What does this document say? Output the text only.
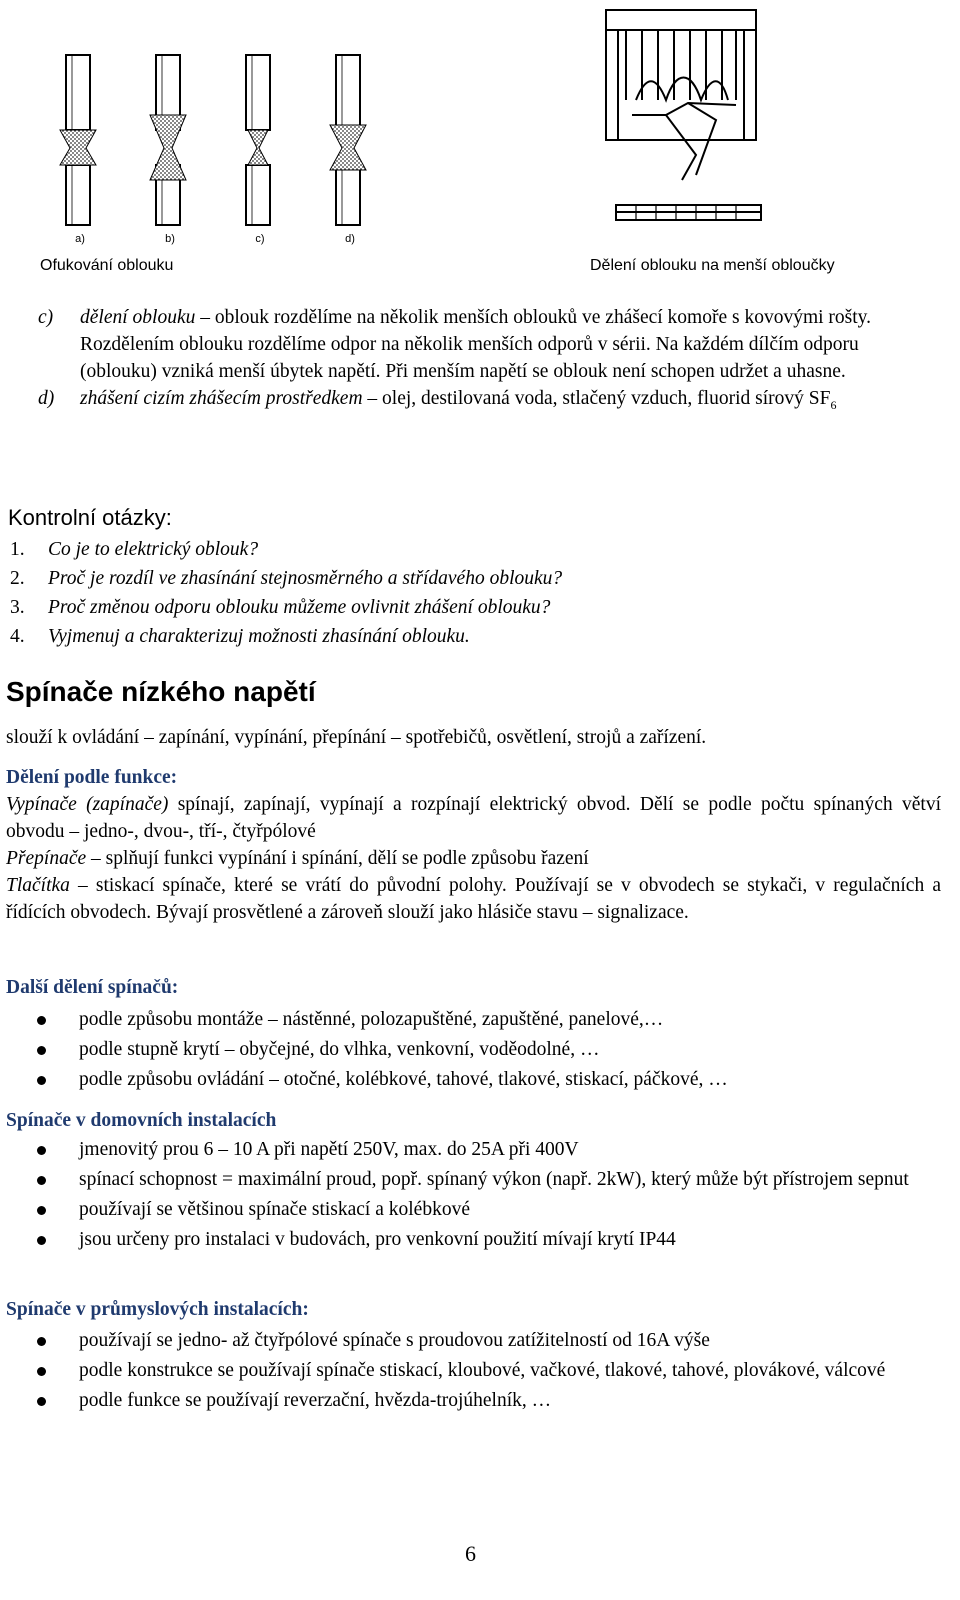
a)	b)	c)	d)
Ofukování oblouku	Dělení oblouku na menší obloučky
c)	dělení oblouku – oblouk rozdělíme na několik menších oblouků ve zhášecí komoře s kovovými rošty. Rozdělením oblouku rozdělíme odpor na několik menších odporů v sérii. Na každém dílčím odporu (oblouku) vzniká menší úbytek napětí. Při menším napětí se oblouk není schopen udržet a uhasne.
d)	zhášení cizím zhášecím prostředkem – olej, destilovaná voda, stlačený vzduch, fluorid sírový $SF_6$
Kontrolní otázky:
1.	Co je to elektrický oblouk?
2.	Proč je rozdíl ve zhasínání stejnosměrného a střídavého oblouku?
3.	Proč změnou odporu oblouku můžeme ovlivnit zhášení oblouku?
4.	Vyjmenuj a charakterizuj možnosti zhasínání oblouku.
Spínače nízkého napětí
slouží k ovládání – zapínání, vypínání, přepínání – spotřebičů, osvětlení, strojů a zařízení.
Dělení podle funkce:
Vypínače (zapínače) spínají, zapínají, vypínají a rozpínají elektrický obvod. Dělí se podle počtu spínaných větví obvodu – jedno-, dvou-, tří-, čtyřpólové
Přepínače – splňují funkci vypínání i spínání, dělí se podle způsobu řazení
Tlačítka – stiskací spínače, které se vrátí do původní polohy. Používají se v obvodech se stykači, v regulačních a řídících obvodech. Bývají prosvětlené a zároveň slouží jako hlásiče stavu – signalizace.
Další dělení spínačů:
podle způsobu montáže – nástěnné, polozapuštěné, zapuštěné, panelové,…
podle stupně krytí – obyčejné, do vlhka, venkovní, voděodolné, …
podle způsobu ovládání – otočné, kolébkové, tahové, tlakové, stiskací, páčkové, …
Spínače v domovních instalacích
jmenovitý prou 6 – 10 A při napětí 250V, max. do 25A při 400V
spínací schopnost = maximální proud, popř. spínaný výkon (např. 2kW), který může být přístrojem sepnut
používají se většinou spínače stiskací a kolébkové
jsou určeny pro instalaci v budovách, pro venkovní použití mívají krytí IP44
Spínače v průmyslových instalacích:
používají se jedno- až čtyřpólové spínače s proudovou zatížitelností od 16A výše
podle konstrukce se používají spínače stiskací, kloubové, vačkové, tlakové, tahové, plovákové, válcové
podle funkce se používají reverzační, hvězda-trojúhelník, …
6
